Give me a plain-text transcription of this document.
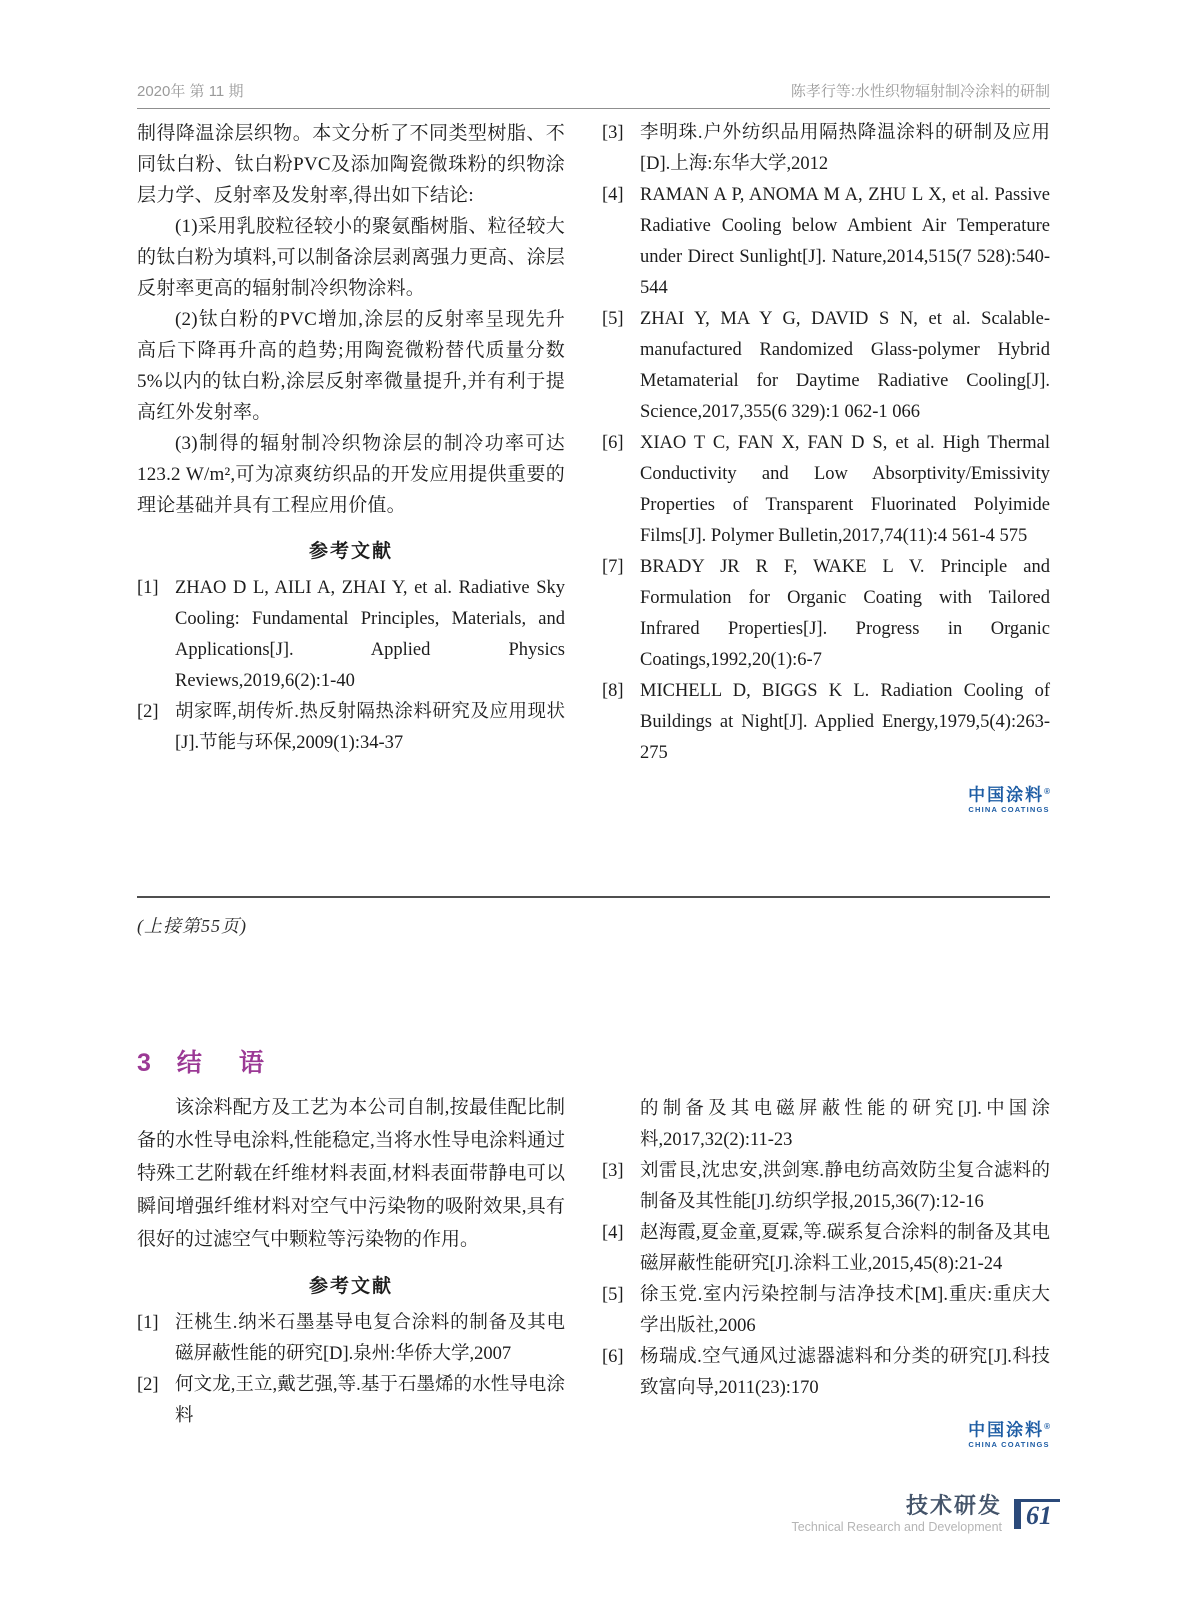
2020年 第 11 期	陈孝行等:水性织物辐射制冷涂料的研制

制得降温涂层织物。本文分析了不同类型树脂、不同钛白粉、钛白粉PVC及添加陶瓷微珠粉的织物涂层力学、反射率及发射率,得出如下结论:

(1)采用乳胶粒径较小的聚氨酯树脂、粒径较大的钛白粉为填料,可以制备涂层剥离强力更高、涂层反射率更高的辐射制冷织物涂料。

(2)钛白粉的PVC增加,涂层的反射率呈现先升高后下降再升高的趋势;用陶瓷微粉替代质量分数5%以内的钛白粉,涂层反射率微量提升,并有利于提高红外发射率。

(3)制得的辐射制冷织物涂层的制冷功率可达123.2 W/m²,可为凉爽纺织品的开发应用提供重要的理论基础并具有工程应用价值。

参考文献
[1] ZHAO D L, AILI A, ZHAI Y, et al. Radiative Sky Cooling: Fundamental Principles, Materials, and Applications[J]. Applied Physics Reviews,2019,6(2):1-40
[2] 胡家晖,胡传炘.热反射隔热涂料研究及应用现状[J].节能与环保,2009(1):34-37
[3] 李明珠.户外纺织品用隔热降温涂料的研制及应用[D].上海:东华大学,2012
[4] RAMAN A P, ANOMA M A, ZHU L X, et al. Passive Radiative Cooling below Ambient Air Temperature under Direct Sunlight[J]. Nature,2014,515(7 528):540-544
[5] ZHAI Y, MA Y G, DAVID S N, et al. Scalable-manufactured Randomized Glass-polymer Hybrid Metamaterial for Daytime Radiative Cooling[J]. Science,2017,355(6 329):1 062-1 066
[6] XIAO T C, FAN X, FAN D S, et al. High Thermal Conductivity and Low Absorptivity/Emissivity Properties of Transparent Fluorinated Polyimide Films[J]. Polymer Bulletin,2017,74(11):4 561-4 575
[7] BRADY JR R F, WAKE L V. Principle and Formulation for Organic Coating with Tailored Infrared Properties[J]. Progress in Organic Coatings,1992,20(1):6-7
[8] MICHELL D, BIGGS K L. Radiation Cooling of Buildings at Night[J]. Applied Energy,1979,5(4):263-275
中国涂料®
CHINA COATINGS
(上接第55页)
3 结　语

该涂料配方及工艺为本公司自制,按最佳配比制备的水性导电涂料,性能稳定,当将水性导电涂料通过特殊工艺附载在纤维材料表面,材料表面带静电可以瞬间增强纤维材料对空气中污染物的吸附效果,具有很好的过滤空气中颗粒等污染物的作用。

参考文献
[1] 汪桃生.纳米石墨基导电复合涂料的制备及其电磁屏蔽性能的研究[D].泉州:华侨大学,2007
[2] 何文龙,王立,戴艺强,等.基于石墨烯的水性导电涂料
的制备及其电磁屏蔽性能的研究[J].中国涂料,2017,32(2):11-23
[3] 刘雷艮,沈忠安,洪剑寒.静电纺高效防尘复合滤料的制备及其性能[J].纺织学报,2015,36(7):12-16
[4] 赵海霞,夏金童,夏霖,等.碳系复合涂料的制备及其电磁屏蔽性能研究[J].涂料工业,2015,45(8):21-24
[5] 徐玉党.室内污染控制与洁净技术[M].重庆:重庆大学出版社,2006
[6] 杨瑞成.空气通风过滤器滤料和分类的研究[J].科技致富向导,2011(23):170
中国涂料®
CHINA COATINGS
技术研发
Technical Research and Development 61
